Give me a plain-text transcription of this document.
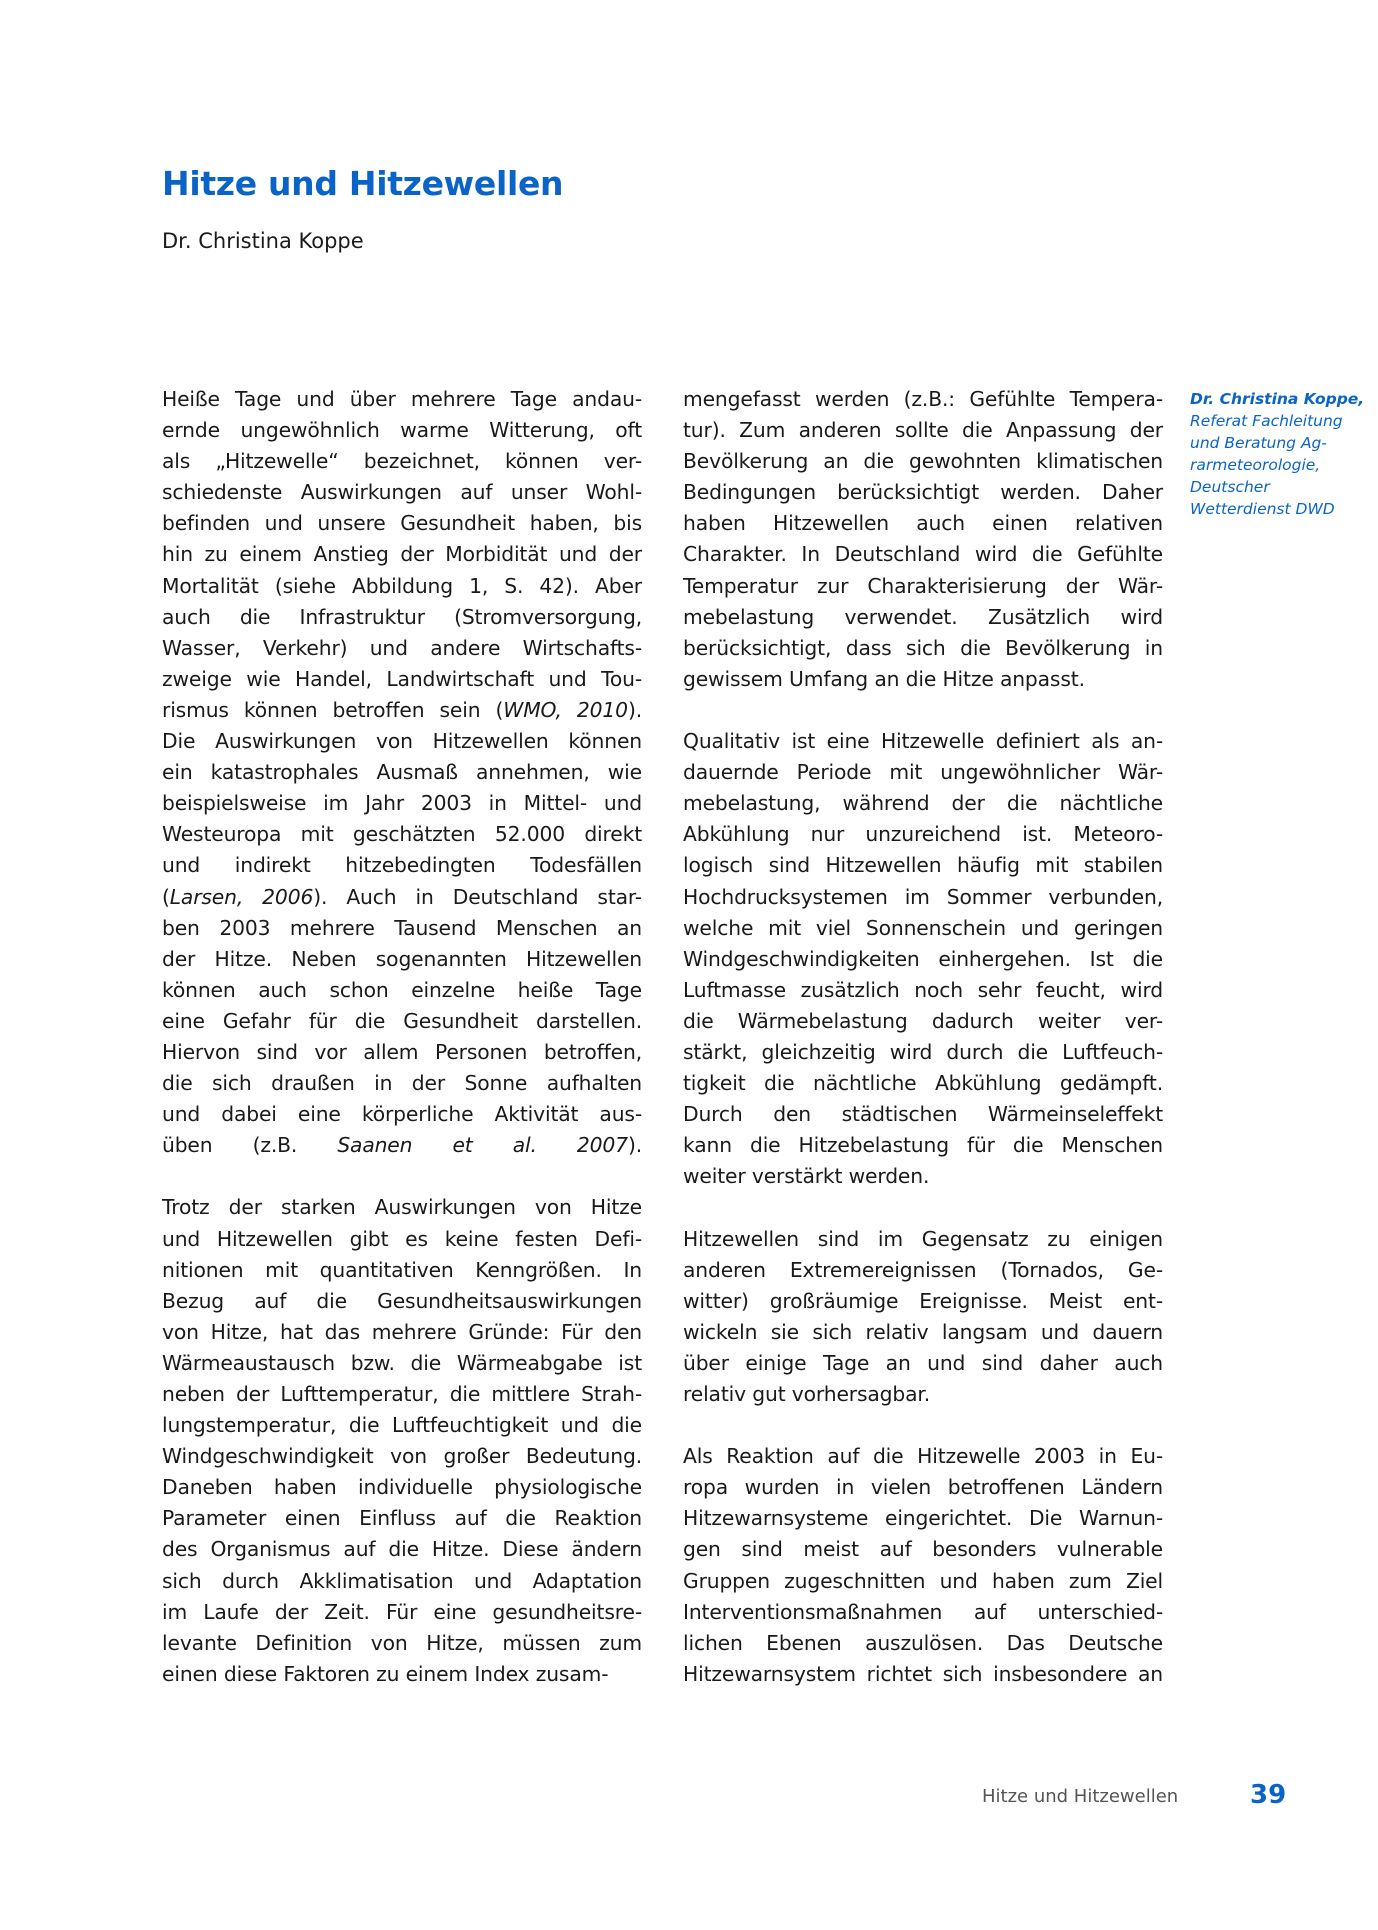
Hitze und Hitzewellen
Dr. Christina Koppe
Heiße Tage und über mehrere Tage andau-
ernde ungewöhnlich warme Witterung, oft
als „Hitzewelle“ bezeichnet, können ver-
schiedenste Auswirkungen auf unser Wohl-
befinden und unsere Gesundheit haben, bis
hin zu einem Anstieg der Morbidität und der
Mortalität (siehe Abbildung 1, S. 42). Aber
auch die Infrastruktur (Stromversorgung,
Wasser, Verkehr) und andere Wirtschafts-
zweige wie Handel, Landwirtschaft und Tou-
rismus können betroffen sein (WMO, 2010).
Die Auswirkungen von Hitzewellen können
ein katastrophales Ausmaß annehmen, wie
beispielsweise im Jahr 2003 in Mittel- und
Westeuropa mit geschätzten 52.000 direkt
und indirekt hitzebedingten Todesfällen
(Larsen, 2006). Auch in Deutschland star-
ben 2003 mehrere Tausend Menschen an
der Hitze. Neben sogenannten Hitzewellen
können auch schon einzelne heiße Tage
eine Gefahr für die Gesundheit darstellen.
Hiervon sind vor allem Personen betroffen,
die sich draußen in der Sonne aufhalten
und dabei eine körperliche Aktivität aus-
üben (z.B. Saanen et al. 2007).
Trotz der starken Auswirkungen von Hitze
und Hitzewellen gibt es keine festen Defi-
nitionen mit quantitativen Kenngrößen. In
Bezug auf die Gesundheitsauswirkungen
von Hitze, hat das mehrere Gründe: Für den
Wärmeaustausch bzw. die Wärmeabgabe ist
neben der Lufttemperatur, die mittlere Strah-
lungstemperatur, die Luftfeuchtigkeit und die
Windgeschwindigkeit von großer Bedeutung.
Daneben haben individuelle physiologische
Parameter einen Einfluss auf die Reaktion
des Organismus auf die Hitze. Diese ändern
sich durch Akklimatisation und Adaptation
im Laufe der Zeit. Für eine gesundheitsre-
levante Definition von Hitze, müssen zum
einen diese Faktoren zu einem Index zusam-
mengefasst werden (z.B.: Gefühlte Tempera-
tur). Zum anderen sollte die Anpassung der
Bevölkerung an die gewohnten klimatischen
Bedingungen berücksichtigt werden. Daher
haben Hitzewellen auch einen relativen
Charakter. In Deutschland wird die Gefühlte
Temperatur zur Charakterisierung der Wär-
mebelastung verwendet. Zusätzlich wird
berücksichtigt, dass sich die Bevölkerung in
gewissem Umfang an die Hitze anpasst.
Qualitativ ist eine Hitzewelle definiert als an-
dauernde Periode mit ungewöhnlicher Wär-
mebelastung, während der die nächtliche
Abkühlung nur unzureichend ist. Meteoro-
logisch sind Hitzewellen häufig mit stabilen
Hochdrucksystemen im Sommer verbunden,
welche mit viel Sonnenschein und geringen
Windgeschwindigkeiten einhergehen. Ist die
Luftmasse zusätzlich noch sehr feucht, wird
die Wärmebelastung dadurch weiter ver-
stärkt, gleichzeitig wird durch die Luftfeuch-
tigkeit die nächtliche Abkühlung gedämpft.
Durch den städtischen Wärmeinseleffekt
kann die Hitzebelastung für die Menschen
weiter verstärkt werden.
Hitzewellen sind im Gegensatz zu einigen
anderen Extremereignissen (Tornados, Ge-
witter) großräumige Ereignisse. Meist ent-
wickeln sie sich relativ langsam und dauern
über einige Tage an und sind daher auch
relativ gut vorhersagbar.
Als Reaktion auf die Hitzewelle 2003 in Eu-
ropa wurden in vielen betroffenen Ländern
Hitzewarnsysteme eingerichtet. Die Warnun-
gen sind meist auf besonders vulnerable
Gruppen zugeschnitten und haben zum Ziel
Interventionsmaßnahmen auf unterschied-
lichen Ebenen auszulösen. Das Deutsche
Hitzewarnsystem richtet sich insbesondere an
Dr. Christina Koppe,
Referat Fachleitung
und Beratung Ag-
rarmeteorologie,
Deutscher
Wetterdienst DWD
Hitze und Hitzewellen	39
